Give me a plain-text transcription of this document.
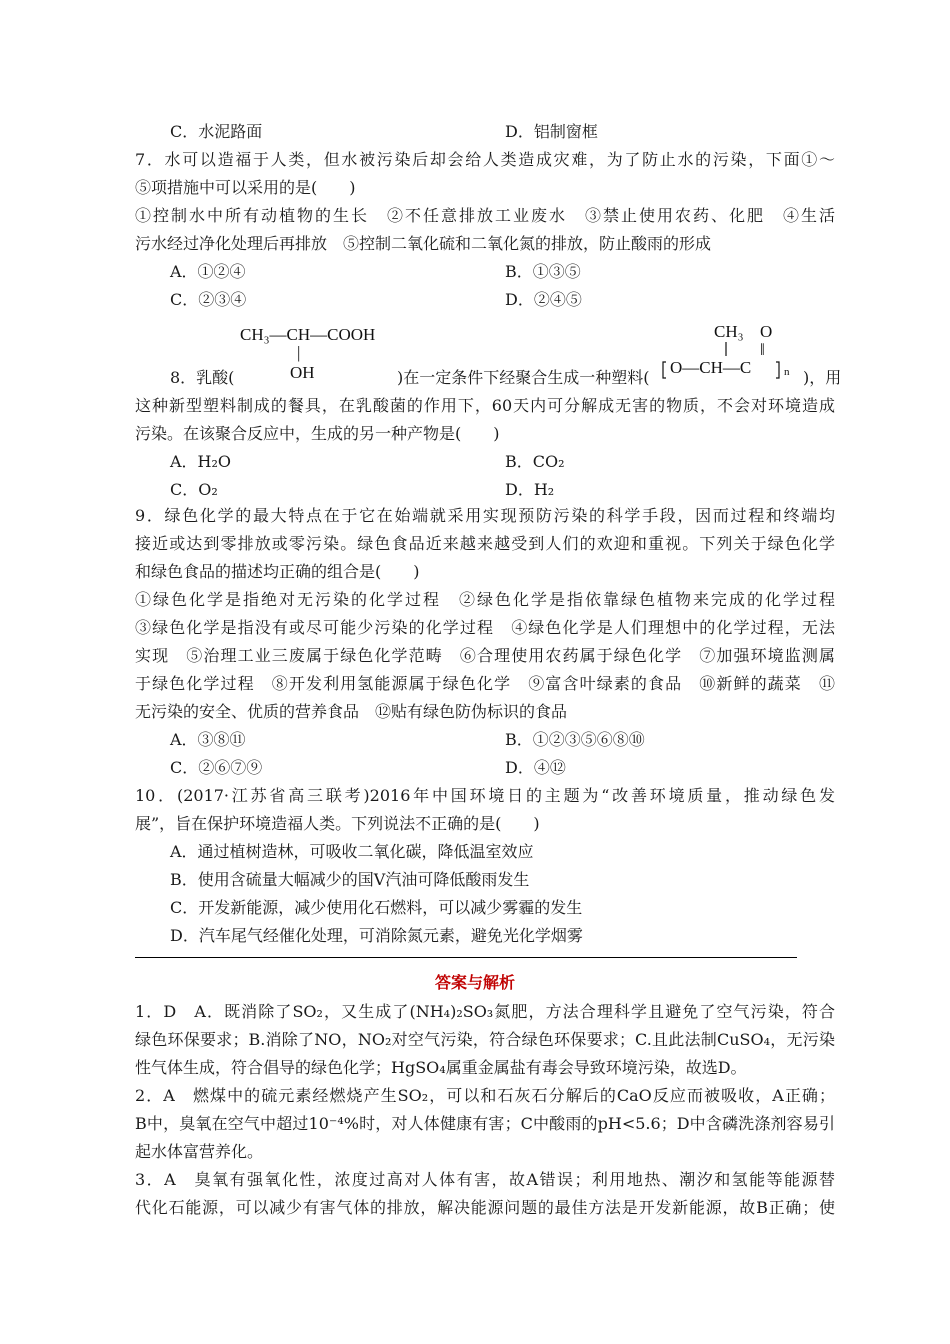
C．水泥路面	D．铝制窗框
7．水可以造福于人类，但水被污染后却会给人类造成灾难，为了防止水的污染，下面①～
⑤项措施中可以采用的是(　　)
①控制水中所有动植物的生长　②不任意排放工业废水　③禁止使用农药、化肥　④生活
污水经过净化处理后再排放　⑤控制二氧化硫和二氧化氮的排放，防止酸雨的形成
A．①②④	B．①③⑤
C．②③④	D．②④⑤
CH₃—CH—COOH
|
OH
CH₃ O
‖
O—CH—C	n
8．乳酸(	)在一定条件下经聚合生成一种塑料(	)，用
这种新型塑料制成的餐具，在乳酸菌的作用下，60天内可分解成无害的物质，不会对环境造成
污染。在该聚合反应中，生成的另一种产物是(　　)
A．H₂O	B．CO₂
C．O₂	D．H₂
9．绿色化学的最大特点在于它在始端就采用实现预防污染的科学手段，因而过程和终端均
接近或达到零排放或零污染。绿色食品近来越来越受到人们的欢迎和重视。下列关于绿色化学
和绿色食品的描述均正确的组合是(　　)
①绿色化学是指绝对无污染的化学过程　②绿色化学是指依靠绿色植物来完成的化学过程
③绿色化学是指没有或尽可能少污染的化学过程　④绿色化学是人们理想中的化学过程，无法
实现　⑤治理工业三废属于绿色化学范畴　⑥合理使用农药属于绿色化学　⑦加强环境监测属
于绿色化学过程　⑧开发利用氢能源属于绿色化学　⑨富含叶绿素的食品　⑩新鲜的蔬菜　⑪
无污染的安全、优质的营养食品　⑫贴有绿色防伪标识的食品
A．③⑧⑪	B．①②③⑤⑥⑧⑩
C．②⑥⑦⑨	D．④⑫
10．(2017·江苏省高三联考)2016年中国环境日的主题为“改善环境质量，推动绿色发
展”，旨在保护环境造福人类。下列说法不正确的是(　　)
A．通过植树造林，可吸收二氧化碳，降低温室效应
B．使用含硫量大幅减少的国Ⅴ汽油可降低酸雨发生
C．开发新能源，减少使用化石燃料，可以减少雾霾的发生
D．汽车尾气经催化处理，可消除氮元素，避免光化学烟雾
答案与解析
1．D　A．既消除了SO₂，又生成了(NH₄)₂SO₃氮肥，方法合理科学且避免了空气污染，符合
绿色环保要求；B.消除了NO，NO₂对空气污染，符合绿色环保要求；C.且此法制CuSO₄，无污染
性气体生成，符合倡导的绿色化学；HgSO₄属重金属盐有毒会导致环境污染，故选D。
2．A　燃煤中的硫元素经燃烧产生SO₂，可以和石灰石分解后的CaO反应而被吸收，A正确；
B中，臭氧在空气中超过10⁻⁴%时，对人体健康有害；C中酸雨的pH<5.6；D中含磷洗涤剂容易引
起水体富营养化。
3．A　臭氧有强氧化性，浓度过高对人体有害，故A错误；利用地热、潮汐和氢能等能源替
代化石能源，可以减少有害气体的排放，解决能源问题的最佳方法是开发新能源，故B正确；使
